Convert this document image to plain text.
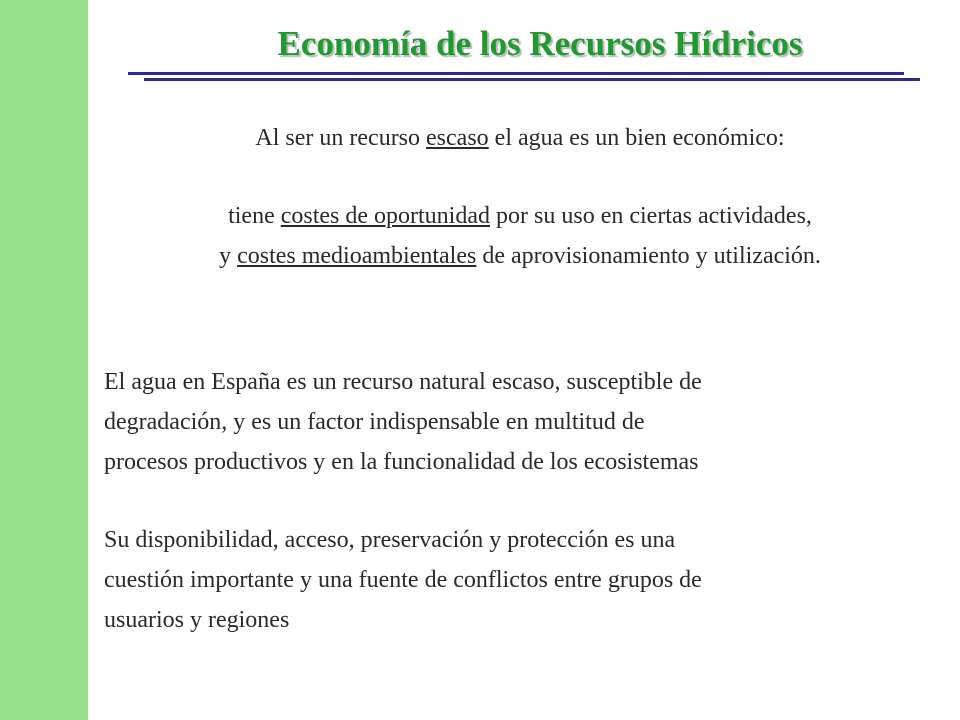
Economía de los Recursos Hídricos
Al ser un recurso escaso el agua es un bien económico:
tiene costes de oportunidad por su uso en ciertas actividades,
y costes medioambientales de aprovisionamiento y utilización.
El agua en España es un recurso natural escaso, susceptible de
degradación, y es un factor indispensable en multitud de
procesos productivos y en la funcionalidad de los ecosistemas
Su disponibilidad, acceso, preservación y protección es una
cuestión importante y una fuente de conflictos entre grupos de
usuarios y regiones
